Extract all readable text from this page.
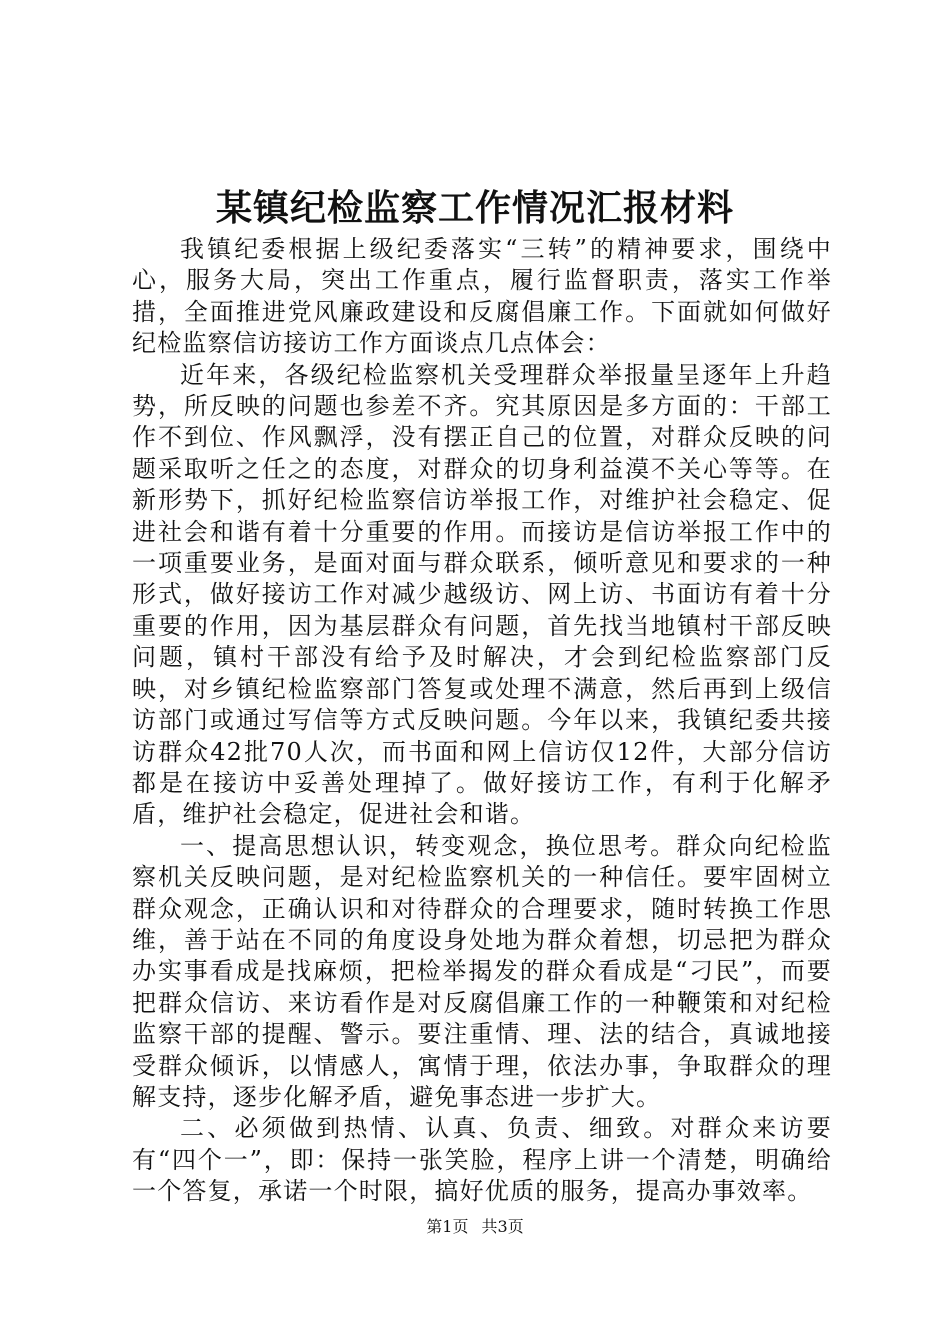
某镇纪检监察工作情况汇报材料

我镇纪委根据上级纪委落实“三转”的精神要求，围绕中心，服务大局，突出工作重点，履行监督职责，落实工作举措，全面推进党风廉政建设和反腐倡廉工作。下面就如何做好纪检监察信访接访工作方面谈点几点体会：

近年来，各级纪检监察机关受理群众举报量呈逐年上升趋势，所反映的问题也参差不齐。究其原因是多方面的：干部工作不到位、作风飘浮，没有摆正自己的位置，对群众反映的问题采取听之任之的态度，对群众的切身利益漠不关心等等。在新形势下，抓好纪检监察信访举报工作，对维护社会稳定、促进社会和谐有着十分重要的作用。而接访是信访举报工作中的一项重要业务，是面对面与群众联系，倾听意见和要求的一种形式，做好接访工作对减少越级访、网上访、书面访有着十分重要的作用，因为基层群众有问题，首先找当地镇村干部反映问题，镇村干部没有给予及时解决，才会到纪检监察部门反映，对乡镇纪检监察部门答复或处理不满意，然后再到上级信访部门或通过写信等方式反映问题。今年以来，我镇纪委共接访群众42批70人次，而书面和网上信访仅12件，大部分信访都是在接访中妥善处理掉了。做好接访工作，有利于化解矛盾，维护社会稳定，促进社会和谐。

一、提高思想认识，转变观念，换位思考。群众向纪检监察机关反映问题，是对纪检监察机关的一种信任。要牢固树立群众观念，正确认识和对待群众的合理要求，随时转换工作思维，善于站在不同的角度设身处地为群众着想，切忌把为群众办实事看成是找麻烦，把检举揭发的群众看成是“刁民”，而要把群众信访、来访看作是对反腐倡廉工作的一种鞭策和对纪检监察干部的提醒、警示。要注重情、理、法的结合，真诚地接受群众倾诉，以情感人，寓情于理，依法办事，争取群众的理解支持，逐步化解矛盾，避免事态进一步扩大。

二、必须做到热情、认真、负责、细致。对群众来访要有“四个一”，即：保持一张笑脸，程序上讲一个清楚，明确给一个答复，承诺一个时限，搞好优质的服务，提高办事效率。

第1页 共3页
